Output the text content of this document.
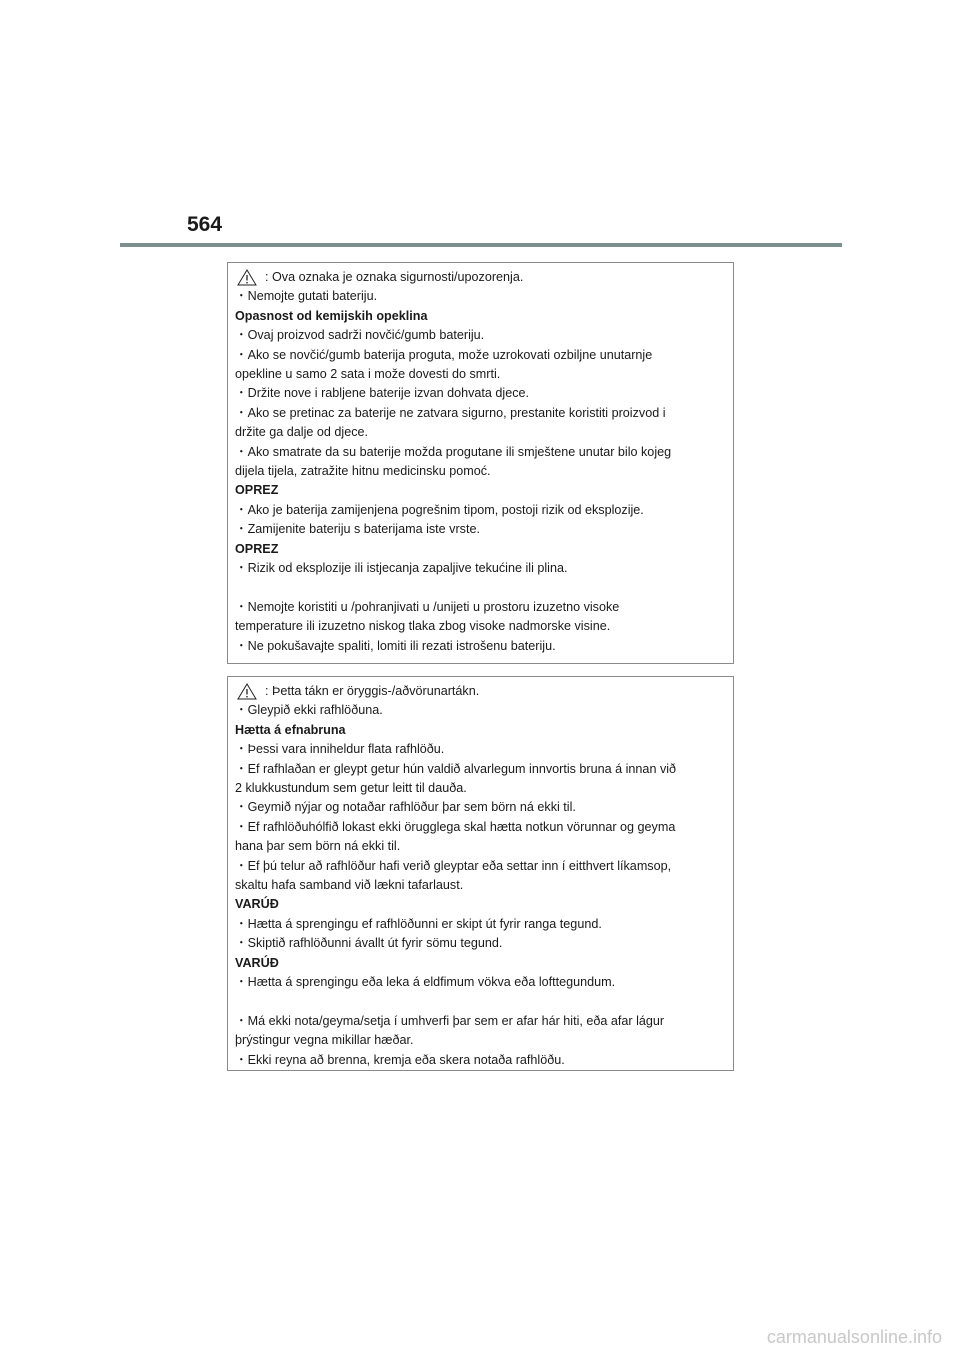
564
: Ova oznaka je oznaka sigurnosti/upozorenja.
・Nemojte gutati bateriju.
Opasnost od kemijskih opeklina
・Ovaj proizvod sadrži novčić/gumb bateriju.
・Ako se novčić/gumb baterija proguta, može uzrokovati ozbiljne unutarnje
opekline u samo 2 sata i može dovesti do smrti.
・Držite nove i rabljene baterije izvan dohvata djece.
・Ako se pretinac za baterije ne zatvara sigurno, prestanite koristiti proizvod i
držite ga dalje od djece.
・Ako smatrate da su baterije možda progutane ili smještene unutar bilo kojeg
dijela tijela, zatražite hitnu medicinsku pomoć.
OPREZ
・Ako je baterija zamijenjena pogrešnim tipom, postoji rizik od eksplozije.
・Zamijenite bateriju s baterijama iste vrste.
OPREZ
・Rizik od eksplozije ili istjecanja zapaljive tekućine ili plina.
・Nemojte koristiti u /pohranjivati u /unijeti u prostoru izuzetno visoke
temperature ili izuzetno niskog tlaka zbog visoke nadmorske visine.
・Ne pokušavajte spaliti, lomiti ili rezati istrošenu bateriju.
: Þetta tákn er öryggis-/aðvörunartákn.
・Gleypið ekki rafhlöðuna.
Hætta á efnabruna
・Þessi vara inniheldur flata rafhlöðu.
・Ef rafhlaðan er gleypt getur hún valdið alvarlegum innvortis bruna á innan við
2 klukkustundum sem getur leitt til dauða.
・Geymið nýjar og notaðar rafhlöður þar sem börn ná ekki til.
・Ef rafhlöðuhólfið lokast ekki örugglega skal hætta notkun vörunnar og geyma
hana þar sem börn ná ekki til.
・Ef þú telur að rafhlöður hafi verið gleyptar eða settar inn í eitthvert líkamsop,
skaltu hafa samband við lækni tafarlaust.
VARÚÐ
・Hætta á sprengingu ef rafhlöðunni er skipt út fyrir ranga tegund.
・Skiptið rafhlöðunni ávallt út fyrir sömu tegund.
VARÚÐ
・Hætta á sprengingu eða leka á eldfimum vökva eða lofttegundum.
・Má ekki nota/geyma/setja í umhverfi þar sem er afar hár hiti, eða afar lágur
þrýstingur vegna mikillar hæðar.
・Ekki reyna að brenna, kremja eða skera notaða rafhlöðu.
carmanualsonline.info
